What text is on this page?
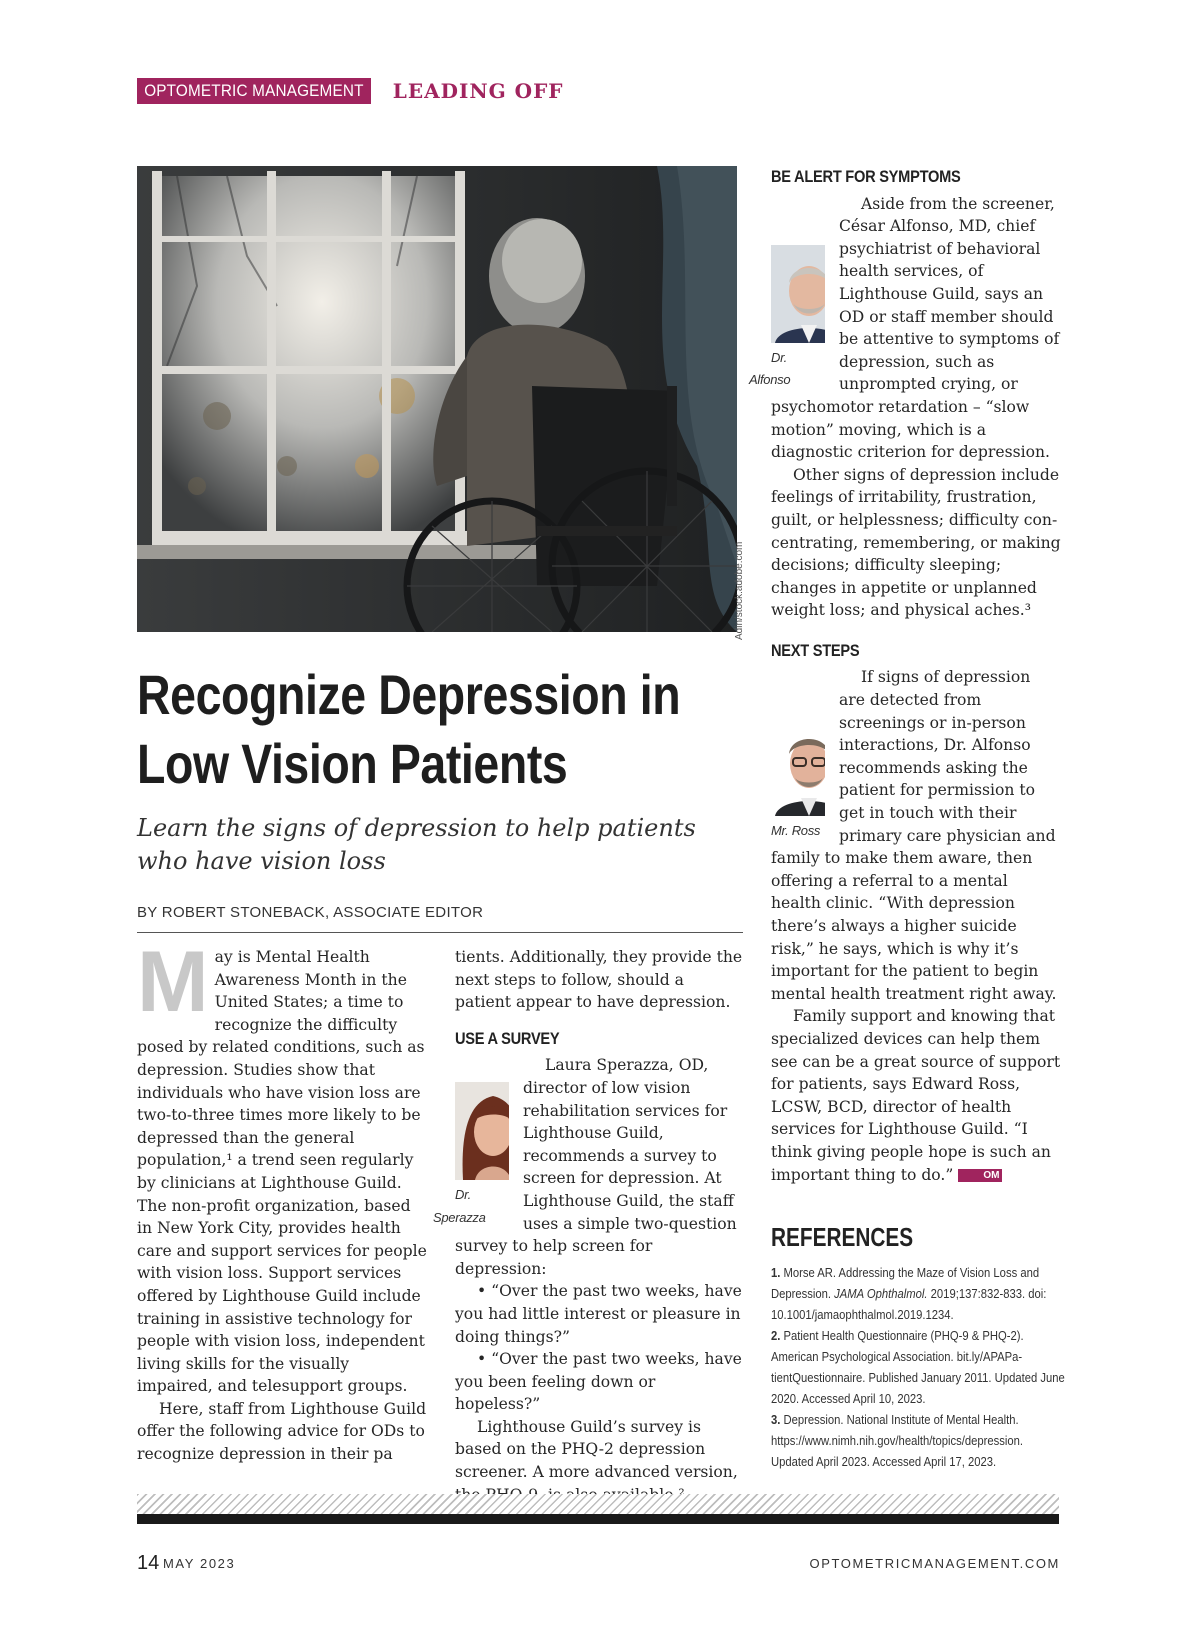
OPTOMETRIC MANAGEMENT	LEADING OFF
Adin/stock.adobe.com
Recognize Depression in Low Vision Patients
Learn the signs of depression to help patients who have vision loss
BY ROBERT STONEBACK, ASSOCIATE EDITOR

May is Mental Health Awareness Month in the United States; a time to recognize the difficulty posed by related conditions, such as depression. Studies show that individuals who have vision loss are two-to-three times more likely to be depressed than the general population,¹ a trend seen regularly by clinicians at Lighthouse Guild. The non-profit organization, based in New York City, provides health care and support services for people with vision loss. Support services offered by Lighthouse Guild include training in assistive technology for people with vision loss, independent living skills for the visually impaired, and telesupport groups.

Here, staff from Lighthouse Guild offer the following advice for ODs to recognize depression in their pa

tients. Additionally, they provide the next steps to follow, should a patient appear to have depression.

USE A SURVEY

Dr. Sperazza
Laura Sperazza, OD, director of low vision rehabilitation services for Lighthouse Guild, recommends a survey to screen for depression. At Lighthouse Guild, the staff uses a simple two-question survey to help screen for depression:

• “Over the past two weeks, have you had little interest or pleasure in doing things?”

• “Over the past two weeks, have you been feeling down or hopeless?”

Lighthouse Guild’s survey is based on the PHQ-2 depression screener. A more advanced version,

BE ALERT FOR SYMPTOMS

Dr. Alfonso
Aside from the screener, César Alfonso, MD, chief psychiatrist of behavioral health services, of Lighthouse Guild, says an OD or staff member should be attentive to symptoms of depression, such as unprompted crying, or psychomotor retardation – “slow motion” moving, which is a diagnostic criterion for depression.

Other signs of depression include feelings of irritability, frustration, guilt, or helplessness; difficulty concentrating, remembering, or making decisions; difficulty sleeping; changes in appetite or unplanned weight loss; and physical aches.³

NEXT STEPS

Mr. Ross
If signs of depression are detected from screenings or in-person interactions, Dr. Alfonso recommends asking the patient for permission to get in touch with their primary care physician and family to make them aware, then offering a referral to a mental health clinic. “With depression there’s always a higher suicide risk,” he says, which is why it’s important for the patient to begin mental health treatment right away.

Family support and knowing that specialized devices can help them see can be a great source of support for patients, says Edward Ross, LCSW, BCD, director of health services for Lighthouse Guild. “I think giving people hope is such an important thing to do.”	OM

REFERENCES
1. Morse AR. Addressing the Maze of Vision Loss and Depression. JAMA Ophthalmol. 2019;137:832-833. doi: 10.1001/jamaophthalmol.2019.1234.
2. Patient Health Questionnaire (PHQ-9 & PHQ-2). American Psychological Association. bit.ly/APAPatientQuestionnaire. Published January 2011. Updated June 2020. Accessed April 10, 2023.
3. Depression. National Institute of Mental Health. https://www.nimh.nih.gov/health/topics/depression. Updated April 2023. Accessed April 17, 2023.
14 MAY 2023	OPTOMETRICMANAGEMENT.COM
